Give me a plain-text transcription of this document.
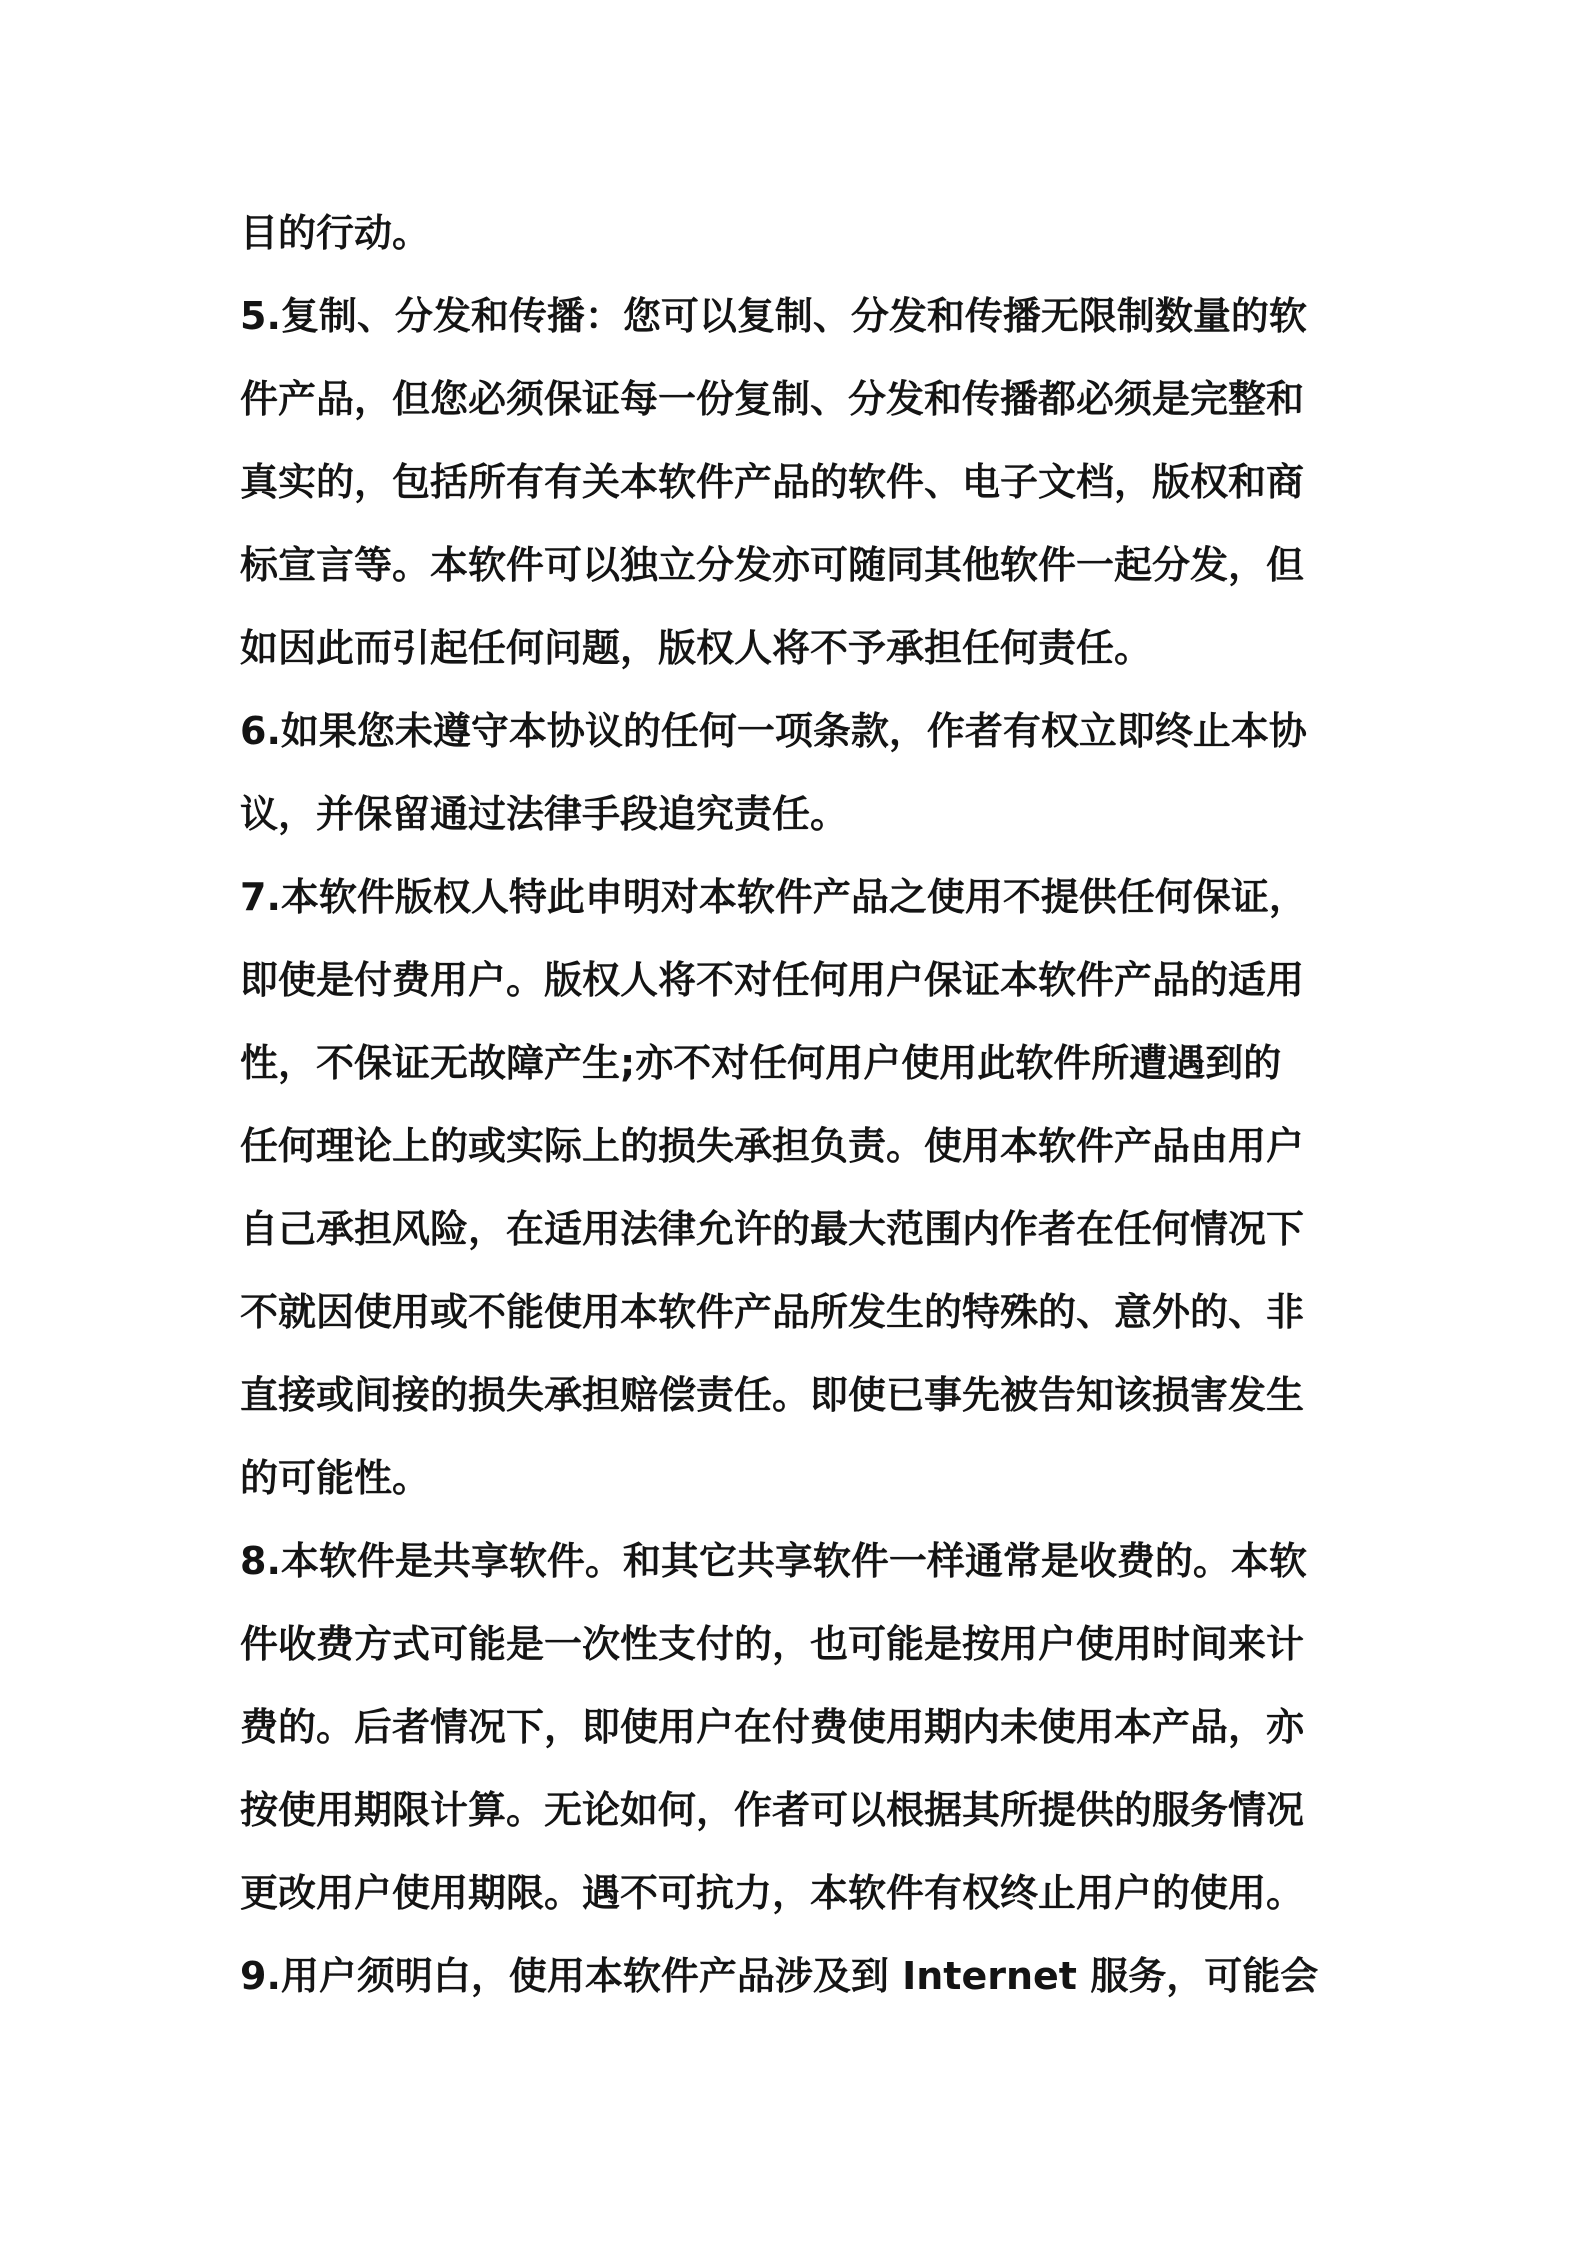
目的行动。
5.复制、分发和传播：您可以复制、分发和传播无限制数量的软
件产品，但您必须保证每一份复制、分发和传播都必须是完整和
真实的，包括所有有关本软件产品的软件、电子文档，版权和商
标宣言等。本软件可以独立分发亦可随同其他软件一起分发，但
如因此而引起任何问题，版权人将不予承担任何责任。
6.如果您未遵守本协议的任何一项条款，作者有权立即终止本协
议，并保留通过法律手段追究责任。
7.本软件版权人特此申明对本软件产品之使用不提供任何保证，
即使是付费用户。版权人将不对任何用户保证本软件产品的适用
性，不保证无故障产生;亦不对任何用户使用此软件所遭遇到的
任何理论上的或实际上的损失承担负责。使用本软件产品由用户
自己承担风险，在适用法律允许的最大范围内作者在任何情况下
不就因使用或不能使用本软件产品所发生的特殊的、意外的、非
直接或间接的损失承担赔偿责任。即使已事先被告知该损害发生
的可能性。
8.本软件是共享软件。和其它共享软件一样通常是收费的。本软
件收费方式可能是一次性支付的，也可能是按用户使用时间来计
费的。后者情况下，即使用户在付费使用期内未使用本产品，亦
按使用期限计算。无论如何，作者可以根据其所提供的服务情况
更改用户使用期限。遇不可抗力，本软件有权终止用户的使用。
9.用户须明白，使用本软件产品涉及到 Internet 服务，可能会
